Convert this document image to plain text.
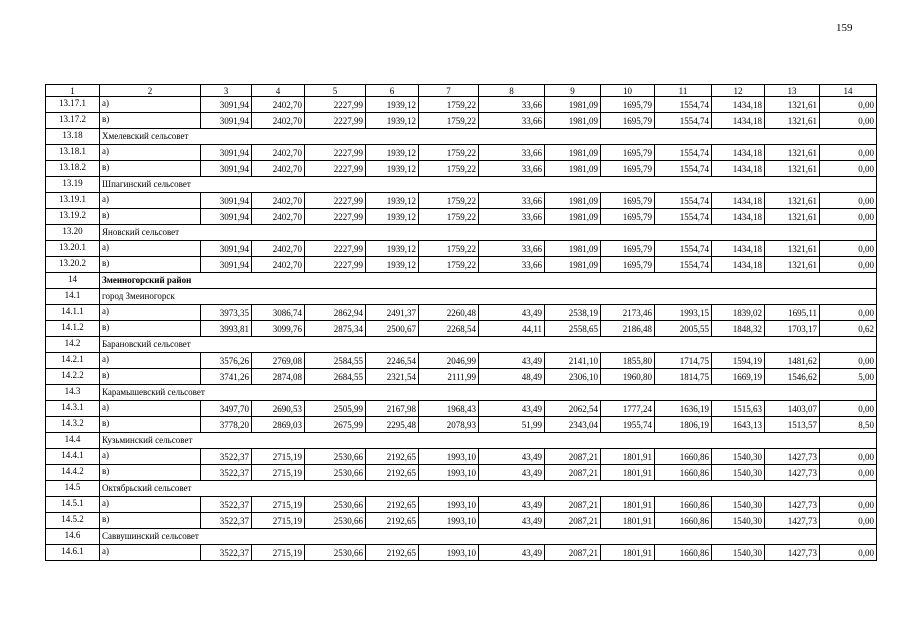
159
1	2	3	4	5	6	7	8	9	10	11	12	13	14
13.17.1	а)	3091,94	2402,70	2227,99	1939,12	1759,22	33,66	1981,09	1695,79	1554,74	1434,18	1321,61	0,00
13.17.2	в)	3091,94	2402,70	2227,99	1939,12	1759,22	33,66	1981,09	1695,79	1554,74	1434,18	1321,61	0,00
13.18	Хмелевский сельсовет												
13.18.1	а)	3091,94	2402,70	2227,99	1939,12	1759,22	33,66	1981,09	1695,79	1554,74	1434,18	1321,61	0,00
13.18.2	в)	3091,94	2402,70	2227,99	1939,12	1759,22	33,66	1981,09	1695,79	1554,74	1434,18	1321,61	0,00
13.19	Шпагинский сельсовет												
13.19.1	а)	3091,94	2402,70	2227,99	1939,12	1759,22	33,66	1981,09	1695,79	1554,74	1434,18	1321,61	0,00
13.19.2	в)	3091,94	2402,70	2227,99	1939,12	1759,22	33,66	1981,09	1695,79	1554,74	1434,18	1321,61	0,00
13.20	Яновский сельсовет												
13.20.1	а)	3091,94	2402,70	2227,99	1939,12	1759,22	33,66	1981,09	1695,79	1554,74	1434,18	1321,61	0,00
13.20.2	в)	3091,94	2402,70	2227,99	1939,12	1759,22	33,66	1981,09	1695,79	1554,74	1434,18	1321,61	0,00
14	Змеиногорский район												
14.1	город Змеиногорск												
14.1.1	а)	3973,35	3086,74	2862,94	2491,37	2260,48	43,49	2538,19	2173,46	1993,15	1839,02	1695,11	0,00
14.1.2	в)	3993,81	3099,76	2875,34	2500,67	2268,54	44,11	2558,65	2186,48	2005,55	1848,32	1703,17	0,62
14.2	Барановский сельсовет												
14.2.1	а)	3576,26	2769,08	2584,55	2246,54	2046,99	43,49	2141,10	1855,80	1714,75	1594,19	1481,62	0,00
14.2.2	в)	3741,26	2874,08	2684,55	2321,54	2111,99	48,49	2306,10	1960,80	1814,75	1669,19	1546,62	5,00
14.3	Карамышевский сельсовет												
14.3.1	а)	3497,70	2690,53	2505,99	2167,98	1968,43	43,49	2062,54	1777,24	1636,19	1515,63	1403,07	0,00
14.3.2	в)	3778,20	2869,03	2675,99	2295,48	2078,93	51,99	2343,04	1955,74	1806,19	1643,13	1513,57	8,50
14.4	Кузьминский сельсовет												
14.4.1	а)	3522,37	2715,19	2530,66	2192,65	1993,10	43,49	2087,21	1801,91	1660,86	1540,30	1427,73	0,00
14.4.2	в)	3522,37	2715,19	2530,66	2192,65	1993,10	43,49	2087,21	1801,91	1660,86	1540,30	1427,73	0,00
14.5	Октябрьский сельсовет												
14.5.1	а)	3522,37	2715,19	2530,66	2192,65	1993,10	43,49	2087,21	1801,91	1660,86	1540,30	1427,73	0,00
14.5.2	в)	3522,37	2715,19	2530,66	2192,65	1993,10	43,49	2087,21	1801,91	1660,86	1540,30	1427,73	0,00
14.6	Саввушинский сельсовет												
14.6.1	а)	3522,37	2715,19	2530,66	2192,65	1993,10	43,49	2087,21	1801,91	1660,86	1540,30	1427,73	0,00
